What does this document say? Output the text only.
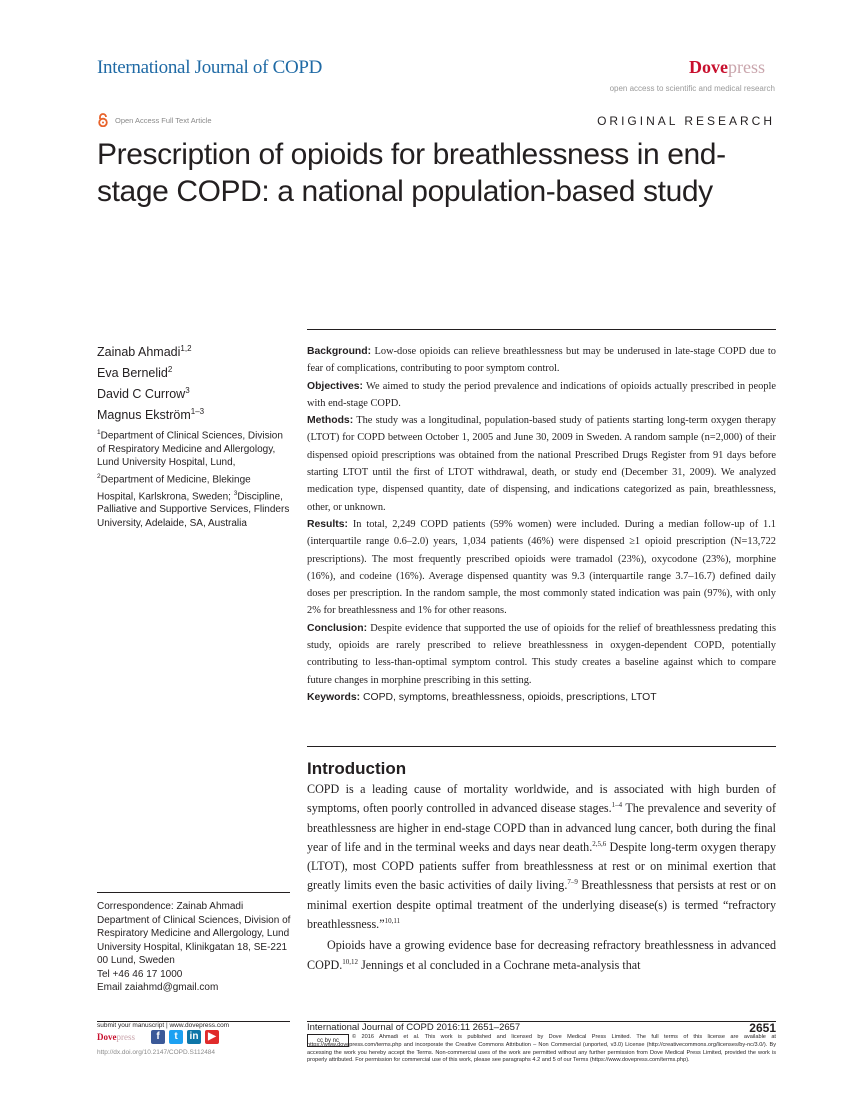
International Journal of COPD	Dovepress
open access to scientific and medical research
Open Access Full Text Article	ORIGINAL RESEARCH
Prescription of opioids for breathlessness in end-stage COPD: a national population-based study
Zainab Ahmadi$^{1,2}$
Eva Bernelid$^2$
David C Currow$^3$
Magnus Ekström$^{1-3}$
$^1$Department of Clinical Sciences, Division of Respiratory Medicine and Allergology, Lund University Hospital, Lund, $^2$Department of Medicine, Blekinge Hospital, Karlskrona, Sweden; $^3$Discipline, Palliative and Supportive Services, Flinders University, Adelaide, SA, Australia

Background: Low-dose opioids can relieve breathlessness but may be underused in late-stage COPD due to fear of complications, contributing to poor symptom control.

Objectives: We aimed to study the period prevalence and indications of opioids actually prescribed in people with end-stage COPD.

Methods: The study was a longitudinal, population-based study of patients starting long-term oxygen therapy (LTOT) for COPD between October 1, 2005 and June 30, 2009 in Sweden. A random sample (n=2,000) of their dispensed opioid prescriptions was obtained from the national Prescribed Drugs Register from 91 days before starting LTOT until the first of LTOT withdrawal, death, or study end (December 31, 2009). We analyzed medication type, dispensed quantity, date of dispensing, and indications categorized as pain, breathlessness, other, or unknown.

Results: In total, 2,249 COPD patients (59% women) were included. During a median follow-up of 1.1 (interquartile range 0.6–2.0) years, 1,034 patients (46%) were dispensed ≥1 opioid prescription (N=13,722 prescriptions). The most frequently prescribed opioids were tramadol (23%), oxycodone (23%), morphine (16%), and codeine (16%). Average dispensed quantity was 9.3 (interquartile range 3.7–16.7) defined daily doses per prescription. In the random sample, the most commonly stated indication was pain (97%), with only 2% for breathlessness and 1% for other reasons.

Conclusion: Despite evidence that supported the use of opioids for the relief of breathlessness predating this study, opioids are rarely prescribed to relieve breathlessness in oxygen-dependent COPD, potentially contributing to less-than-optimal symptom control. This study creates a baseline against which to compare future changes in morphine prescribing in this setting.

Keywords: COPD, symptoms, breathlessness, opioids, prescriptions, LTOT

Introduction

COPD is a leading cause of mortality worldwide, and is associated with high burden of symptoms, often poorly controlled in advanced disease stages.$^{1-4}$ The prevalence and severity of breathlessness are higher in end-stage COPD than in advanced lung cancer, both during the final year of life and in the terminal weeks and days near death.$^{2,5,6}$ Despite long-term oxygen therapy (LTOT), most COPD patients suffer from breathlessness at rest or on minimal exertion that greatly limits even the basic activities of daily living.$^{7-9}$ Breathlessness that persists at rest or on minimal exertion despite optimal treatment of the underlying disease(s) is termed “refractory breathlessness.”$^{10,11}$

Opioids have a growing evidence base for decreasing refractory breathlessness in advanced COPD.$^{10,12}$ Jennings et al concluded in a Cochrane meta-analysis that

Correspondence: Zainab Ahmadi
Department of Clinical Sciences, Division of Respiratory Medicine and Allergology, Lund University Hospital, Klinikgatan 18, SE-221 00 Lund, Sweden
Tel +46 46 17 1000
Email zaiahmd@gmail.com
submit your manuscript | www.dovepress.com
Dovepress	f	t	in ▶
http://dx.doi.org/10.2147/COPD.S112484
International Journal of COPD 2016:11 2651–2657	2651
© 2016 Ahmadi et al. This work is published and licensed by Dove Medical Press Limited. The full terms of this license are available at https://www.dovepress.com/terms.php and incorporate the Creative Commons Attribution – Non Commercial (unported, v3.0) License (http://creativecommons.org/licenses/by-nc/3.0/). By accessing the work you hereby accept the Terms. Non-commercial uses of the work are permitted without any further permission from Dove Medical Press Limited, provided the work is properly attributed. For permission for commercial use of this work, please see paragraphs 4.2 and 5 of our Terms (https://www.dovepress.com/terms.php).
cc by nc
